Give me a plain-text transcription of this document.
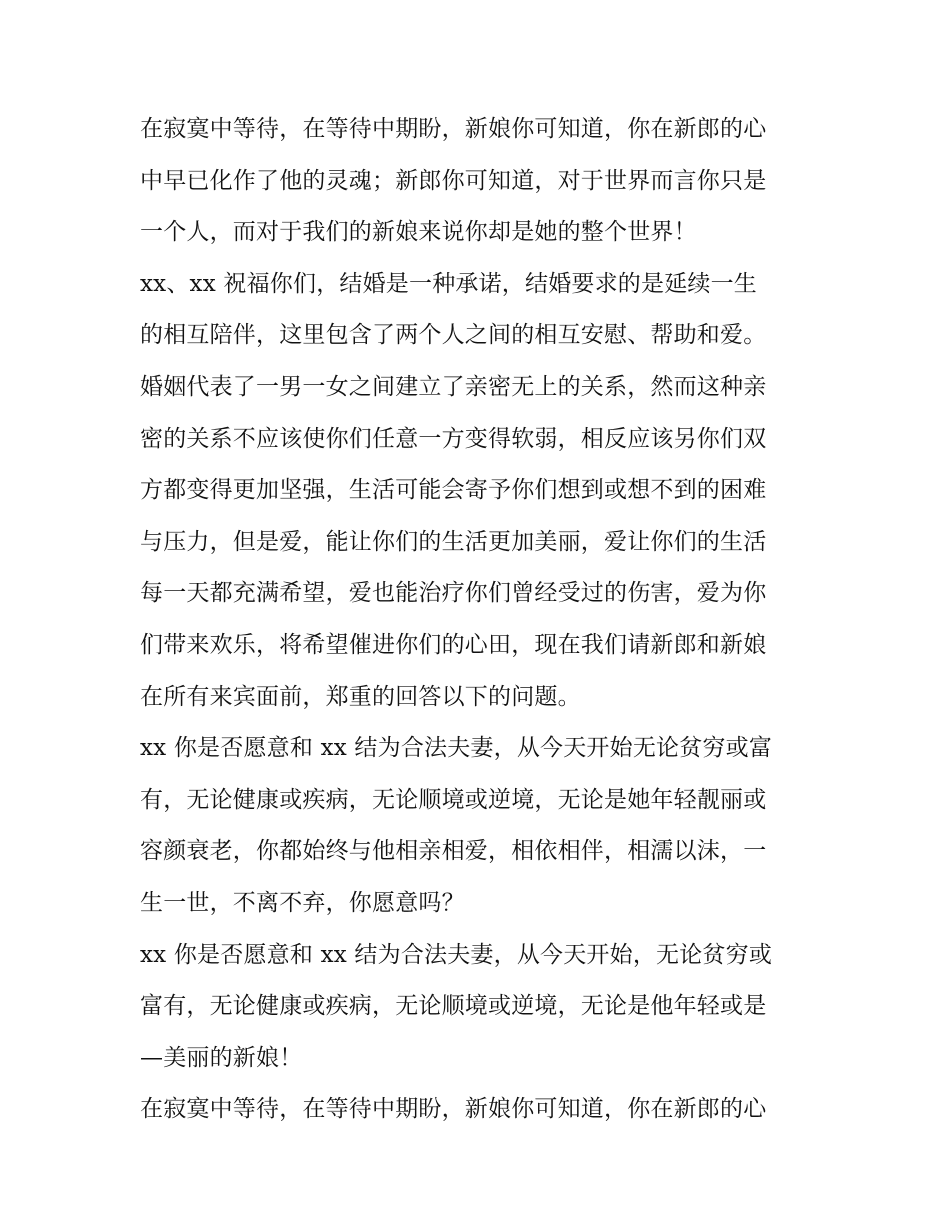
在寂寞中等待，在等待中期盼，新娘你可知道，你在新郎的心
中早已化作了他的灵魂；新郎你可知道，对于世界而言你只是
一个人，而对于我们的新娘来说你却是她的整个世界！
xx、xx 祝福你们，结婚是一种承诺，结婚要求的是延续一生
的相互陪伴，这里包含了两个人之间的相互安慰、帮助和爱。
婚姻代表了一男一女之间建立了亲密无上的关系，然而这种亲
密的关系不应该使你们任意一方变得软弱，相反应该另你们双
方都变得更加坚强，生活可能会寄予你们想到或想不到的困难
与压力，但是爱，能让你们的生活更加美丽，爱让你们的生活
每一天都充满希望，爱也能治疗你们曾经受过的伤害，爱为你
们带来欢乐，将希望催进你们的心田，现在我们请新郎和新娘
在所有来宾面前，郑重的回答以下的问题。
xx 你是否愿意和 xx 结为合法夫妻，从今天开始无论贫穷或富
有，无论健康或疾病，无论顺境或逆境，无论是她年轻靓丽或
容颜衰老，你都始终与他相亲相爱，相依相伴，相濡以沫，一
生一世，不离不弃，你愿意吗？
xx 你是否愿意和 xx 结为合法夫妻，从今天开始，无论贫穷或
富有，无论健康或疾病，无论顺境或逆境，无论是他年轻或是
—美丽的新娘！
在寂寞中等待，在等待中期盼，新娘你可知道，你在新郎的心
